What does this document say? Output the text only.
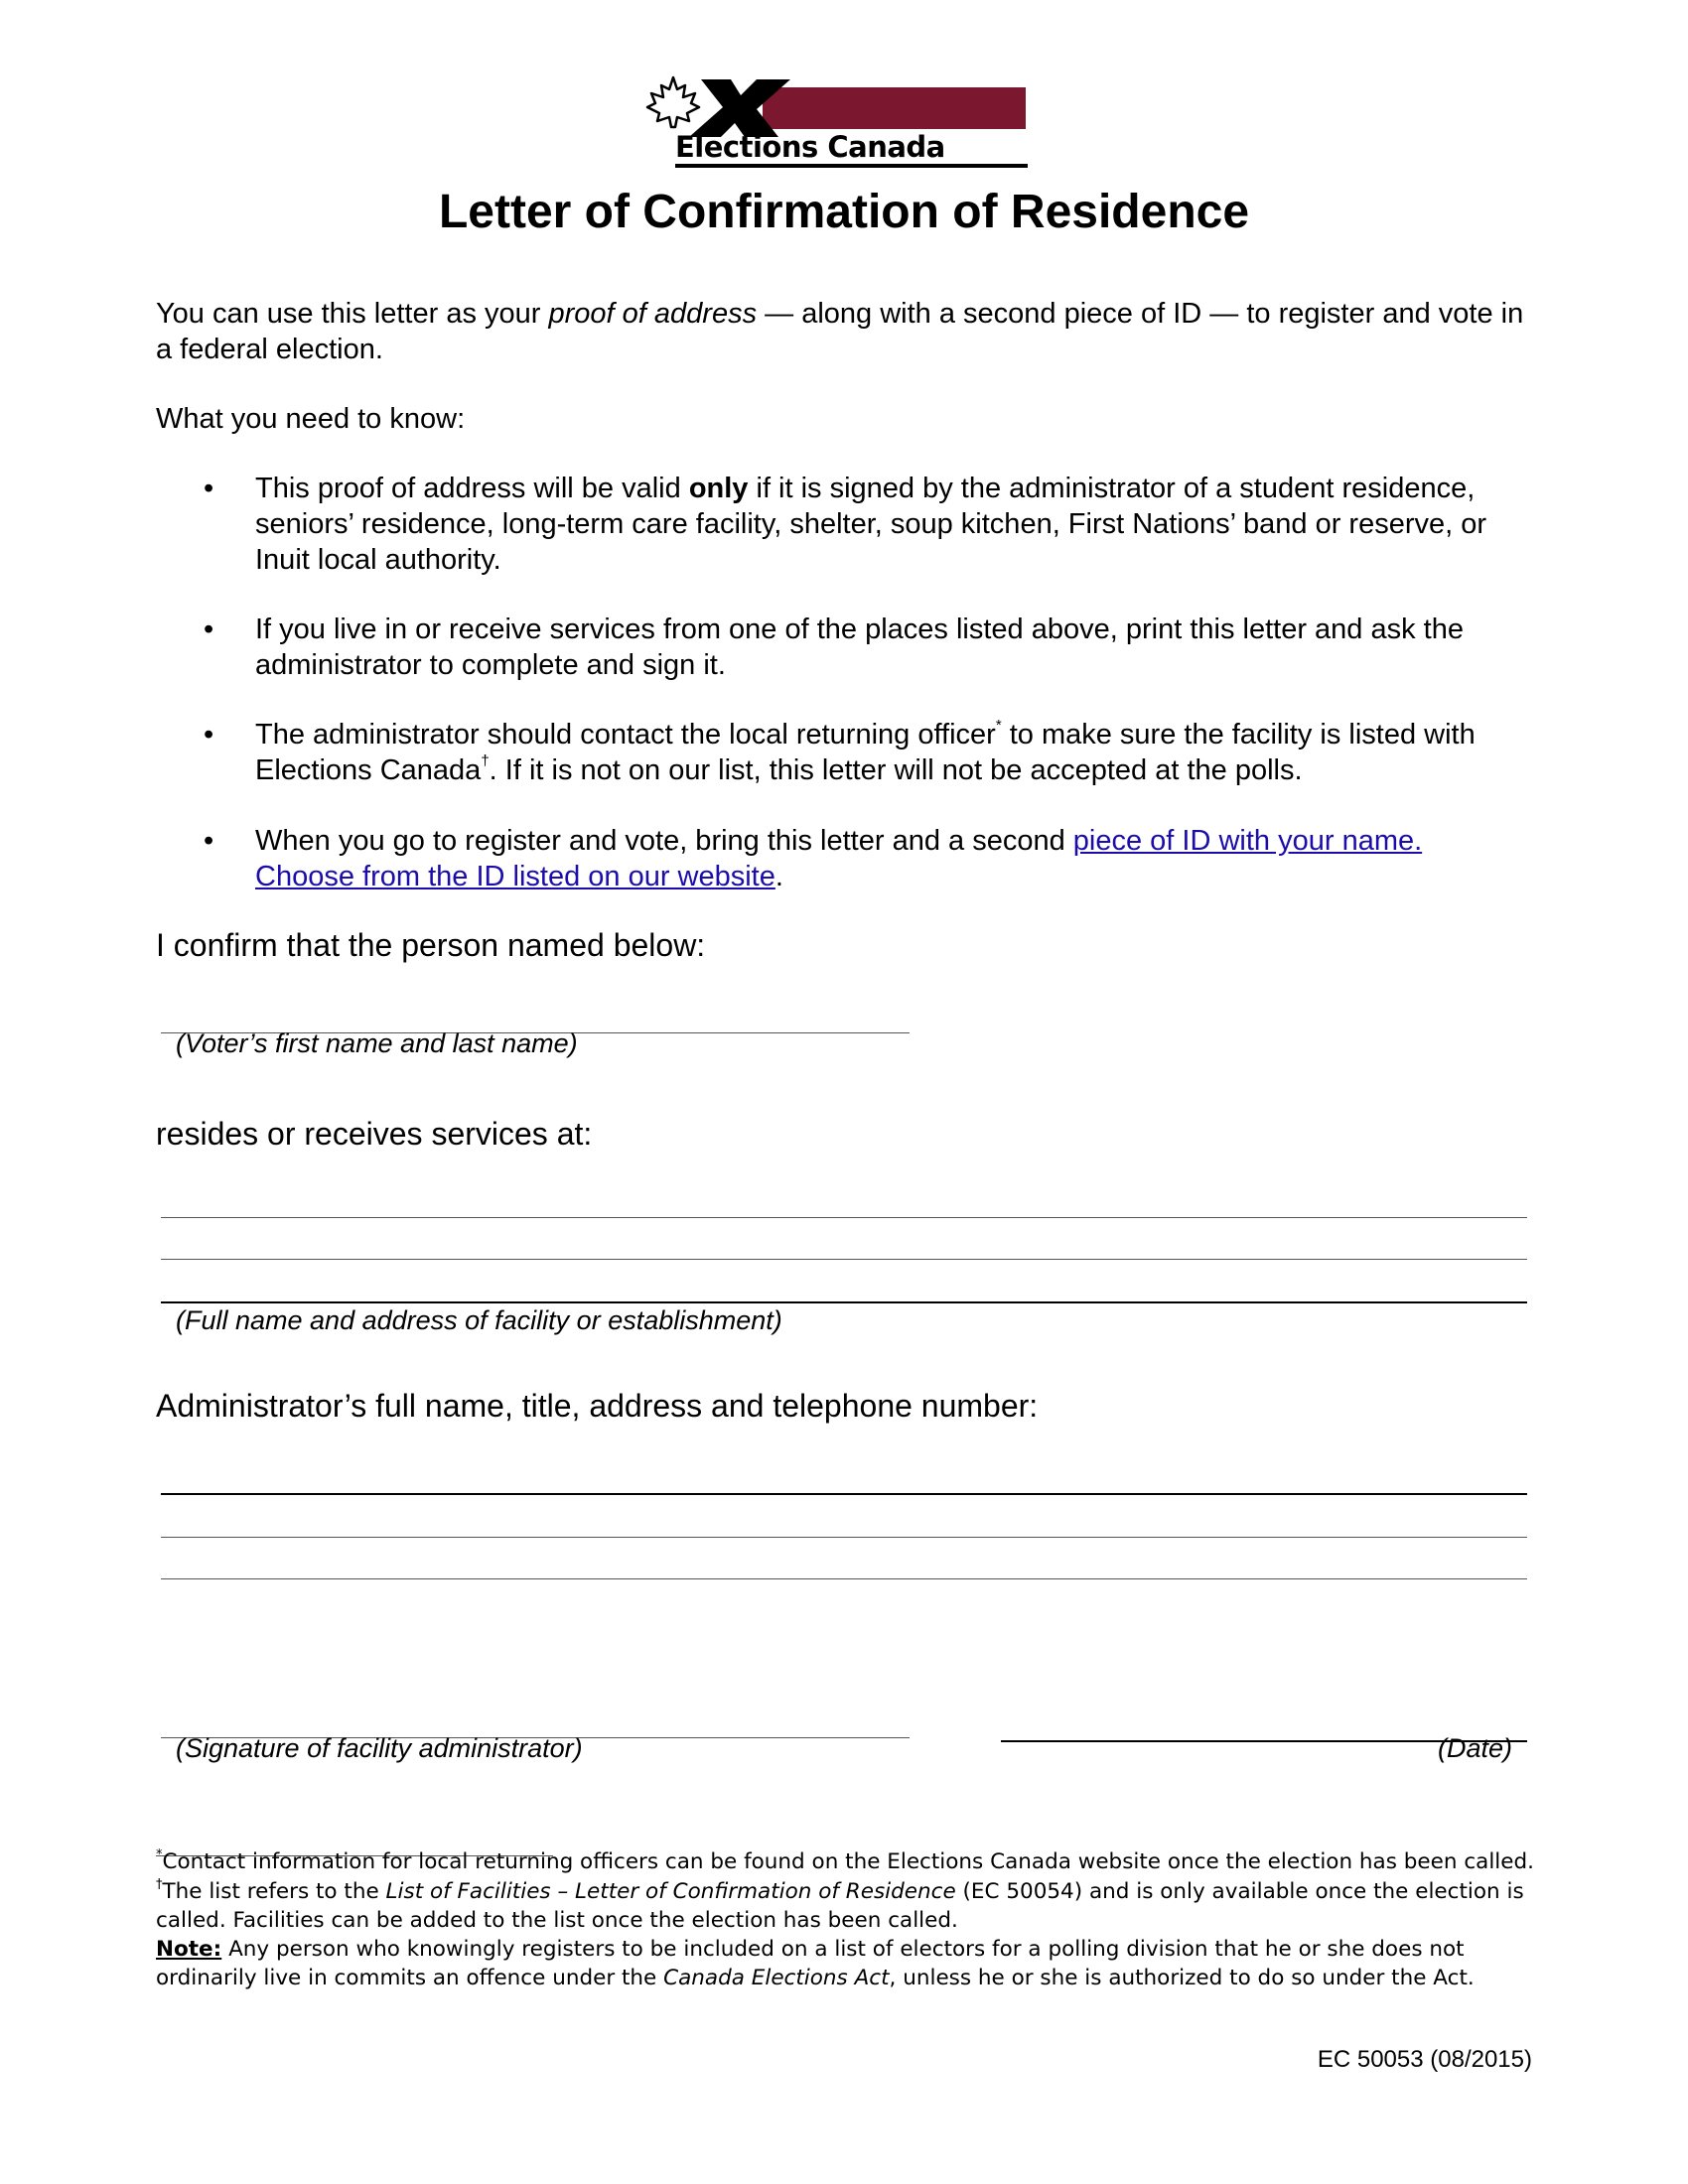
Elections Canada
Letter of Confirmation of Residence
You can use this letter as your proof of address — along with a second piece of ID — to register and vote in a federal election.
What you need to know:
• This proof of address will be valid only if it is signed by the administrator of a student residence, seniors’ residence, long-term care facility, shelter, soup kitchen, First Nations’ band or reserve, or Inuit local authority.
• If you live in or receive services from one of the places listed above, print this letter and ask the administrator to complete and sign it.
• The administrator should contact the local returning officer* to make sure the facility is listed with Elections Canada†. If it is not on our list, this letter will not be accepted at the polls.
• When you go to register and vote, bring this letter and a second piece of ID with your name. Choose from the ID listed on our website.
I confirm that the person named below:
(Voter’s first name and last name)
resides or receives services at:
(Full name and address of facility or establishment)
Administrator’s full name, title, address and telephone number:
(Signature of facility administrator)	(Date)
*Contact information for local returning officers can be found on the Elections Canada website once the election has been called.
†The list refers to the List of Facilities – Letter of Confirmation of Residence (EC 50054) and is only available once the election is called. Facilities can be added to the list once the election has been called.
Note: Any person who knowingly registers to be included on a list of electors for a polling division that he or she does not ordinarily live in commits an offence under the Canada Elections Act, unless he or she is authorized to do so under the Act.
EC 50053 (08/2015)
